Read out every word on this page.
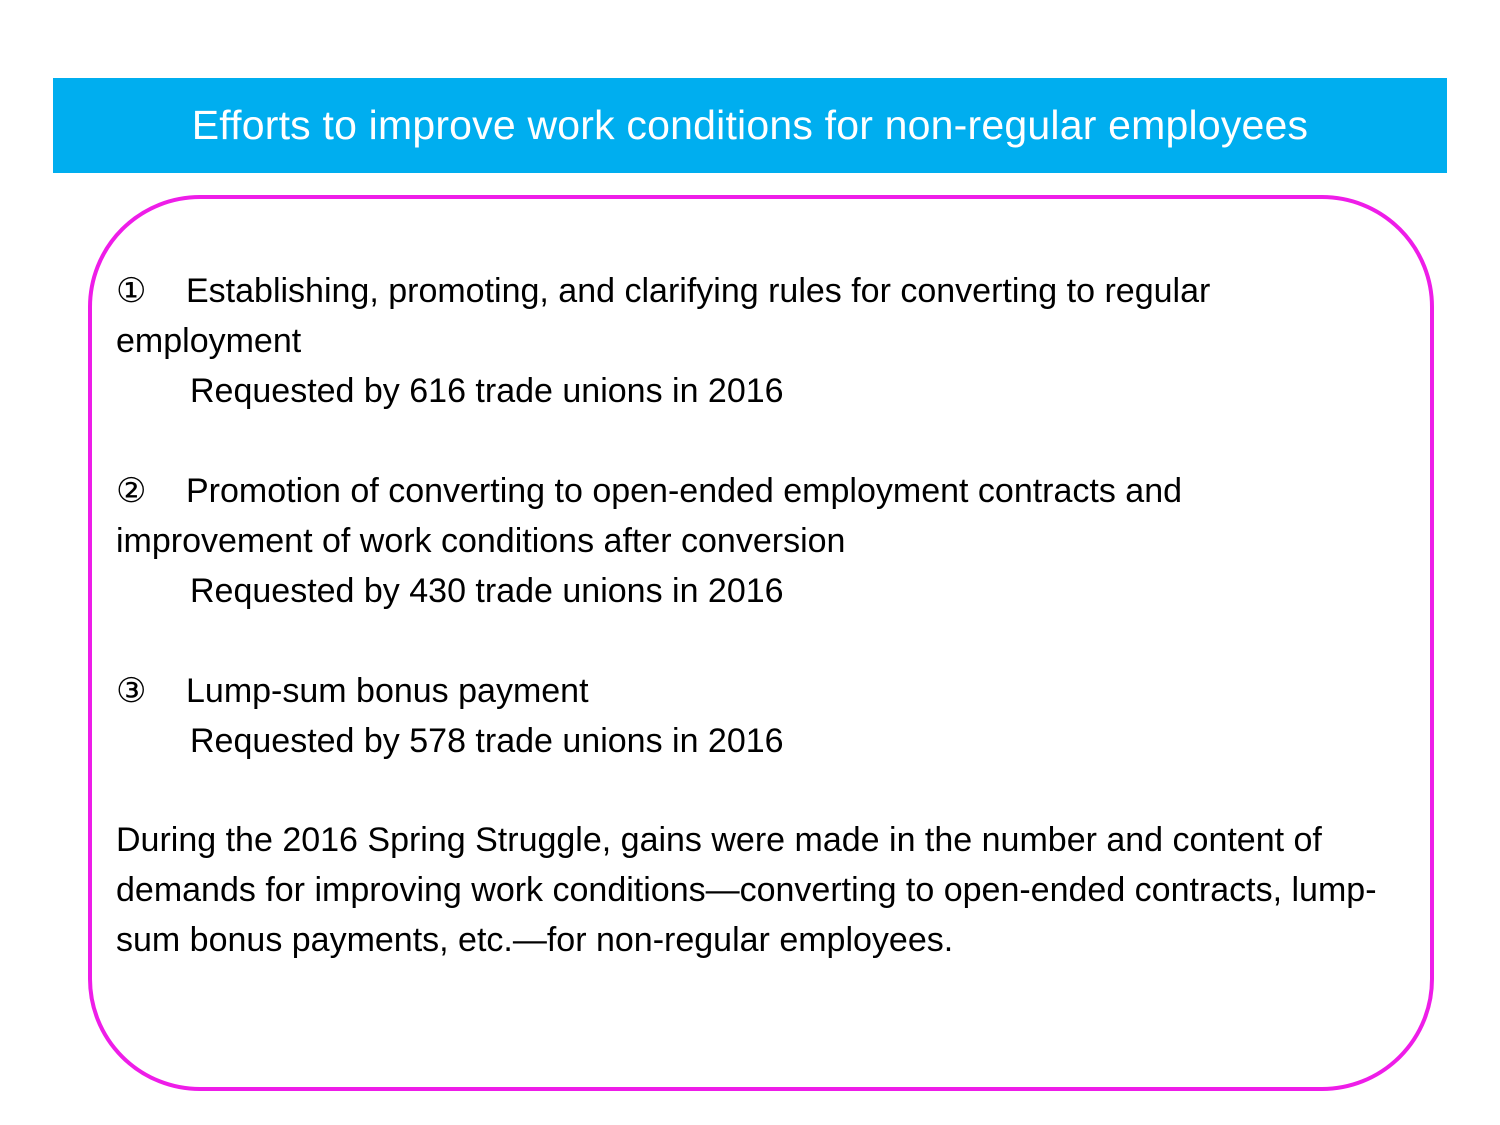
Efforts to improve work conditions for non-regular employees
① Establishing, promoting, and clarifying rules for converting to regular employment
Requested by 616 trade unions in 2016
② Promotion of converting to open-ended employment contracts and improvement of work conditions after conversion
Requested by 430 trade unions in 2016
③ Lump-sum bonus payment
Requested by 578 trade unions in 2016
During the 2016 Spring Struggle, gains were made in the number and content of demands for improving work conditions—converting to open-ended contracts, lump-sum bonus payments, etc.—for non-regular employees.
